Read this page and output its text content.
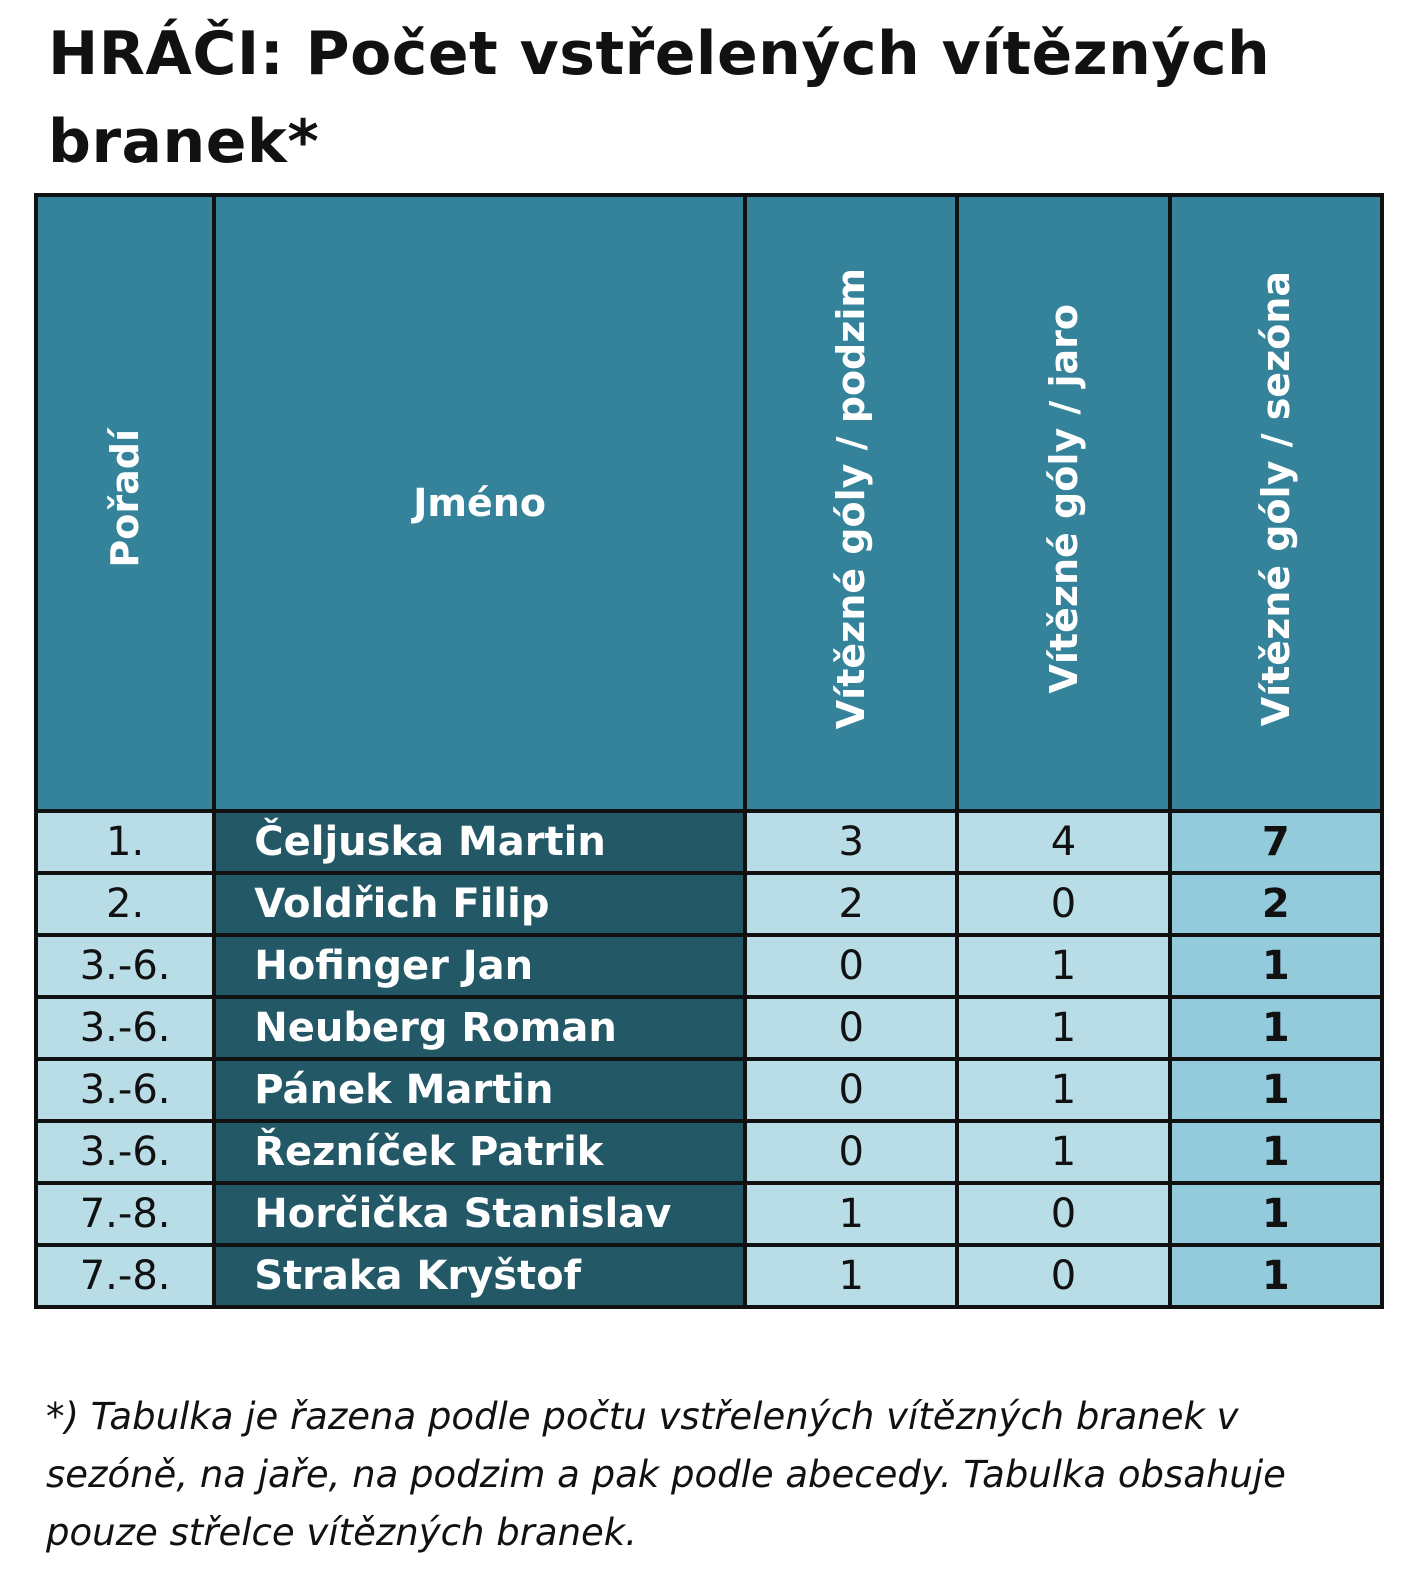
HRÁČI: Počet vstřelených vítězných branek*
Pořadí	Jméno	Vítězné góly / podzim	Vítězné góly / jaro	Vítězné góly / sezóna
1.	Čeljuska Martin	3	4	7
2.	Voldřich Filip	2	0	2
3.-6.	Hofinger Jan	0	1	1
3.-6.	Neuberg Roman	0	1	1
3.-6.	Pánek Martin	0	1	1
3.-6.	Řezníček Patrik	0	1	1
7.-8.	Horčička Stanislav	1	0	1
7.-8.	Straka Kryštof	1	0	1

*) Tabulka je řazena podle počtu vstřelených vítězných branek v sezóně, na jaře, na podzim a pak podle abecedy. Tabulka obsahuje pouze střelce vítězných branek.
